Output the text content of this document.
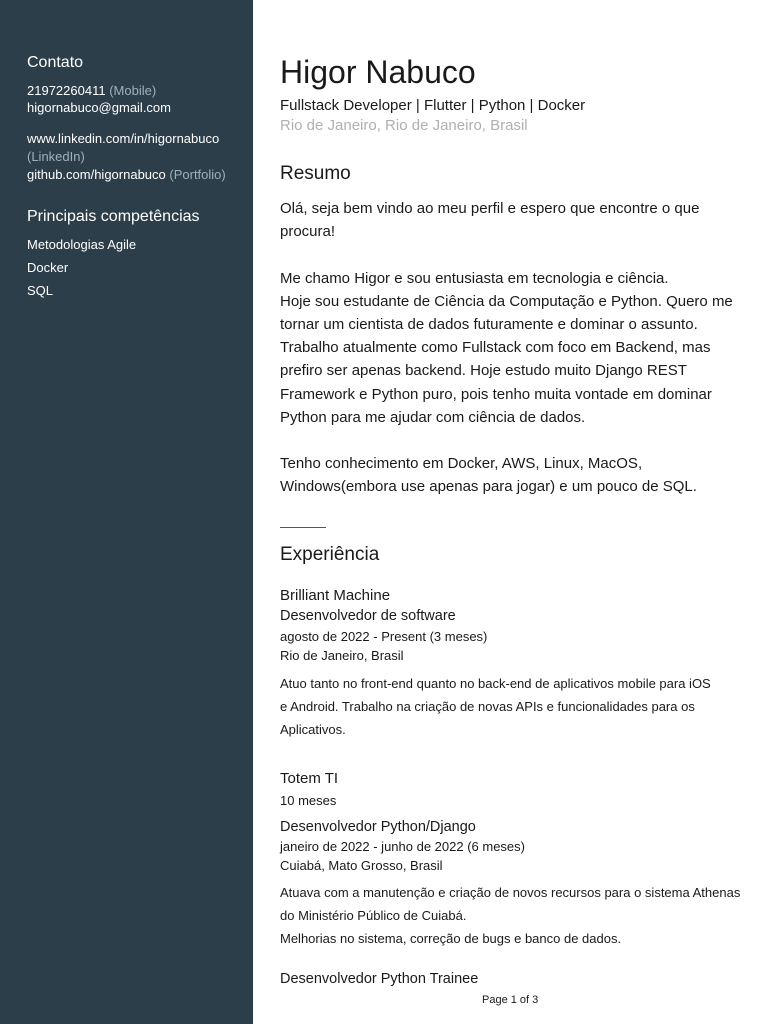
Contato
21972260411 (Mobile)
higornabuco@gmail.com
www.linkedin.com/in/higornabuco
(LinkedIn)
github.com/higornabuco (Portfolio)
Principais competências
Metodologias Agile
Docker
SQL
Higor Nabuco
Fullstack Developer | Flutter | Python | Docker
Rio de Janeiro, Rio de Janeiro, Brasil
Resumo
Olá, seja bem vindo ao meu perfil e espero que encontre o que
procura!
Me chamo Higor e sou entusiasta em tecnologia e ciência.
Hoje sou estudante de Ciência da Computação e Python. Quero me
tornar um cientista de dados futuramente e dominar o assunto.
Trabalho atualmente como Fullstack com foco em Backend, mas
prefiro ser apenas backend. Hoje estudo muito Django REST
Framework e Python puro, pois tenho muita vontade em dominar
Python para me ajudar com ciência de dados.
Tenho conhecimento em Docker, AWS, Linux, MacOS,
Windows(embora use apenas para jogar) e um pouco de SQL.
Experiência
Brilliant Machine
Desenvolvedor de software
agosto de 2022 - Present (3 meses)
Rio de Janeiro, Brasil
Atuo tanto no front-end quanto no back-end de aplicativos mobile para iOS
e Android. Trabalho na criação de novas APIs e funcionalidades para os
Aplicativos.
Totem TI
10 meses
Desenvolvedor Python/Django
janeiro de 2022 - junho de 2022 (6 meses)
Cuiabá, Mato Grosso, Brasil
Atuava com a manutenção e criação de novos recursos para o sistema Athenas
do Ministério Público de Cuiabá.
Melhorias no sistema, correção de bugs e banco de dados.
Desenvolvedor Python Trainee
Page 1 of 3
